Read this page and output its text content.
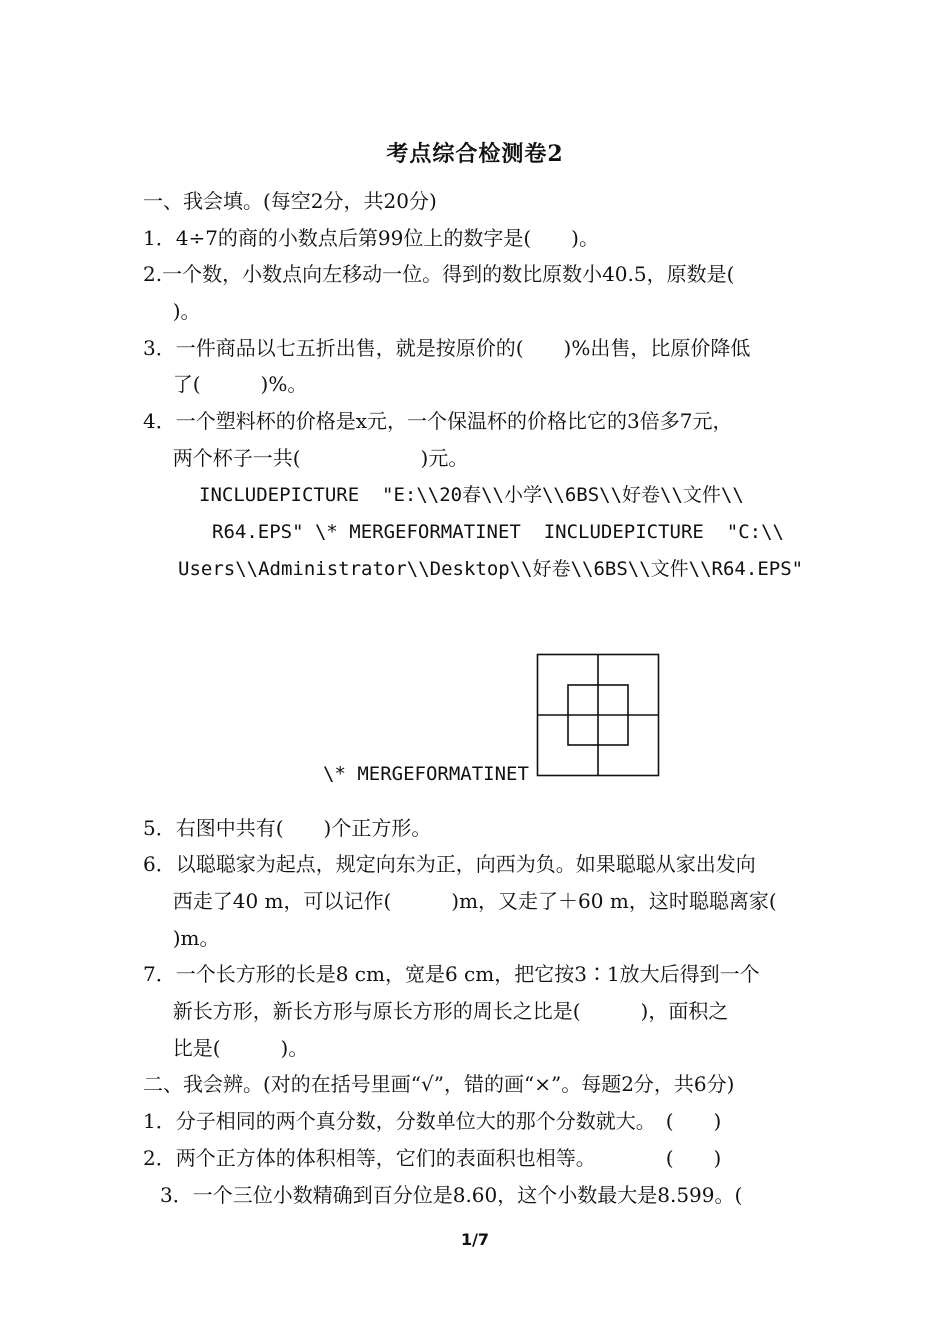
考点综合检测卷2
一、我会填。(每空2分，共20分)
1．4÷7的商的小数点后第99位上的数字是(　　)。
2.一个数，小数点向左移动一位。得到的数比原数小40.5，原数是(
)。
3．一件商品以七五折出售，就是按原价的(　　)%出售，比原价降低
了(　　　)%。
4．一个塑料杯的价格是x元，一个保温杯的价格比它的3倍多7元，
两个杯子一共(　　　　　　)元。
INCLUDEPICTURE  "E:\\20春\\小学\\6BS\\好卷\\文件\\
R64.EPS" \* MERGEFORMATINET  INCLUDEPICTURE  "C:\\
Users\\Administrator\\Desktop\\好卷\\6BS\\文件\\R64.EPS"
\* MERGEFORMATINET
5．右图中共有(　　)个正方形。
6．以聪聪家为起点，规定向东为正，向西为负。如果聪聪从家出发向
西走了40 m，可以记作(　　　)m，又走了＋60 m，这时聪聪离家(
)m。
7．一个长方形的长是8 cm，宽是6 cm，把它按3∶1放大后得到一个
新长方形，新长方形与原长方形的周长之比是(　　　)，面积之
比是(　　　)。
二、我会辨。(对的在括号里画“√”，错的画“×”。每题2分，共6分)
1．分子相同的两个真分数，分数单位大的那个分数就大。　(　　)
2．两个正方体的体积相等，它们的表面积也相等。　　　　(　　)
3．一个三位小数精确到百分位是8.60，这个小数最大是8.599。(
1/7
